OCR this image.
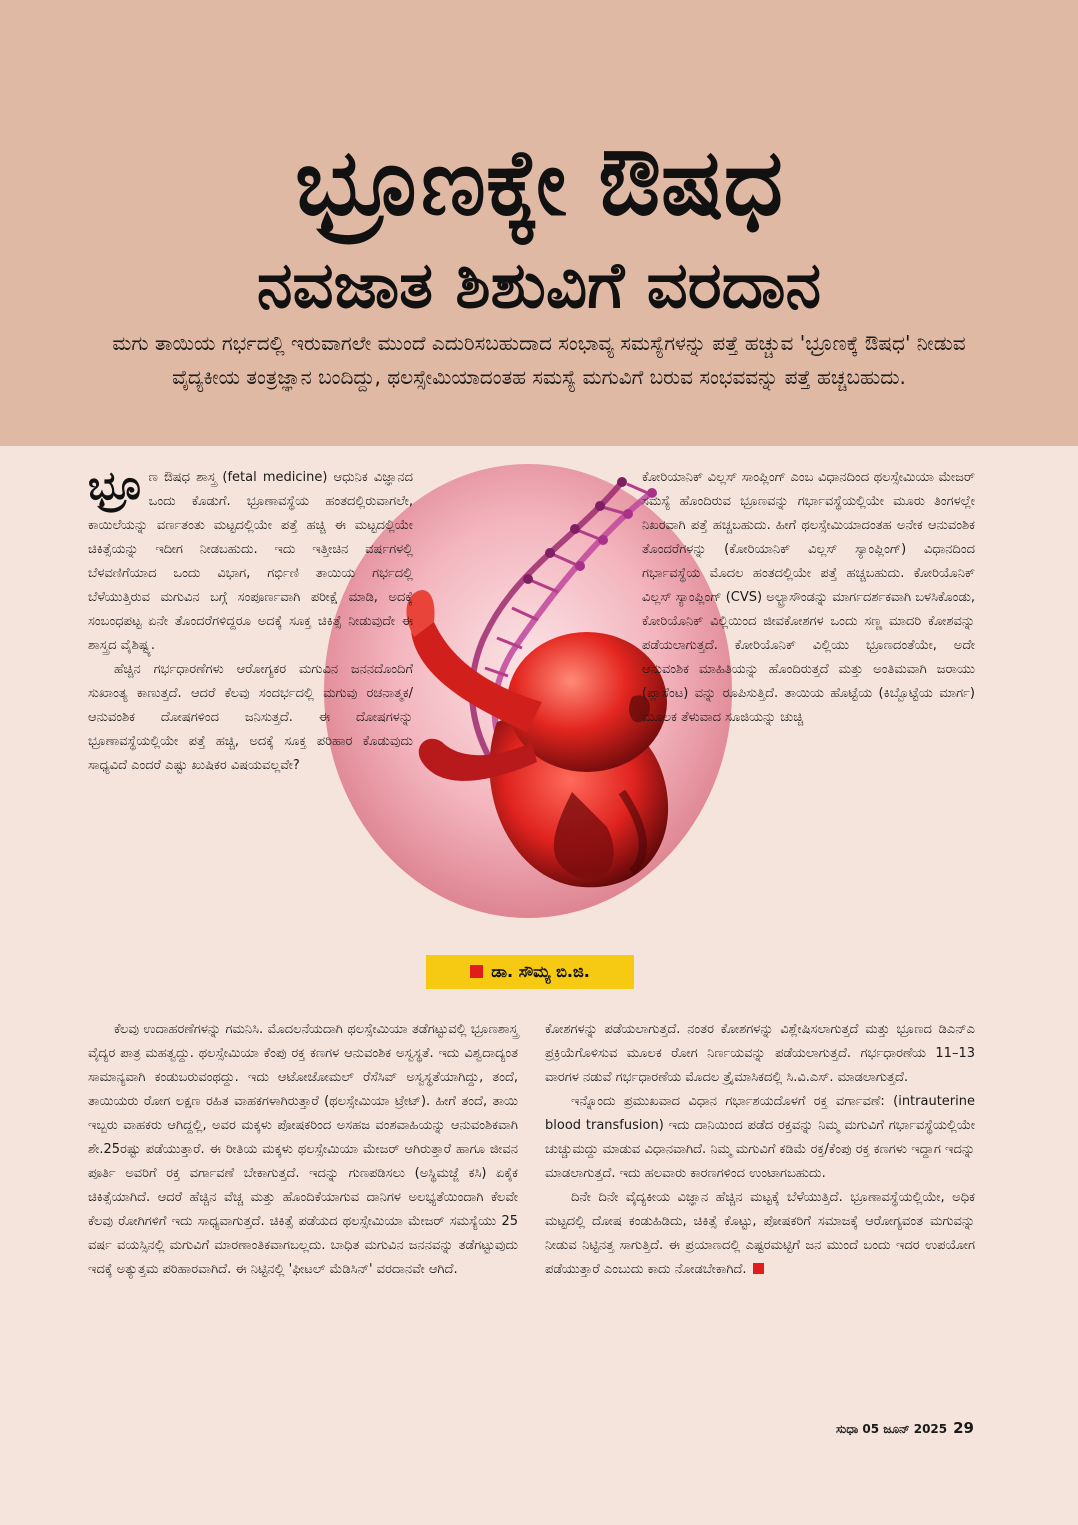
ಭ್ರೂಣಕ್ಕೇ ಔಷಧ
ನವಜಾತ ಶಿಶುವಿಗೆ ವರದಾನ
ಮಗು ತಾಯಿಯ ಗರ್ಭದಲ್ಲಿ ಇರುವಾಗಲೇ ಮುಂದೆ ಎದುರಿಸಬಹುದಾದ ಸಂಭಾವ್ಯ ಸಮಸ್ಯೆಗಳನ್ನು ಪತ್ತೆ ಹಚ್ಚುವ 'ಭ್ರೂಣಕ್ಕೆ ಔಷಧ' ನೀಡುವ ವೈದ್ಯಕೀಯ ತಂತ್ರಜ್ಞಾನ ಬಂದಿದ್ದು, ಥಲಸ್ಸೇಮಿಯಾದಂತಹ ಸಮಸ್ಯೆ ಮಗುವಿಗೆ ಬರುವ ಸಂಭವವನ್ನು ಪತ್ತೆ ಹಚ್ಚಬಹುದು.

ಭ್ರೂ ಣ ಔಷಧ ಶಾಸ್ತ್ರ (fetal medicine) ಆಧುನಿಕ ವಿಜ್ಞಾನದ ಒಂದು ಕೊಡುಗೆ. ಭ್ರೂಣಾವಸ್ಥೆಯ ಹಂತದಲ್ಲಿರುವಾಗಲೇ, ಕಾಯಿಲೆಯನ್ನು ವರ್ಣತಂತು ಮಟ್ಟದಲ್ಲಿಯೇ ಪತ್ತೆ ಹಚ್ಚಿ ಈ ಮಟ್ಟದಲ್ಲಿಯೇ ಚಿಕಿತ್ಸೆಯನ್ನು ಇದೀಗ ನೀಡಬಹುದು. ಇದು ಇತ್ತೀಚಿನ ವರ್ಷಗಳಲ್ಲಿ ಬೆಳವಣಿಗೆಯಾದ ಒಂದು ವಿಭಾಗ, ಗರ್ಭಿಣಿ ತಾಯಿಯ ಗರ್ಭದಲ್ಲಿ ಬೆಳೆಯುತ್ತಿರುವ ಮಗುವಿನ ಬಗ್ಗೆ ಸಂಪೂರ್ಣವಾಗಿ ಪರೀಕ್ಷೆ ಮಾಡಿ, ಅದಕ್ಕೆ ಸಂಬಂಧಪಟ್ಟ ಏನೇ ತೊಂದರೆಗಳಿದ್ದರೂ ಅದಕ್ಕೆ ಸೂಕ್ತ ಚಿಕಿತ್ಸೆ ನೀಡುವುದೇ ಈ ಶಾಸ್ತ್ರದ ವೈಶಿಷ್ಟ್ಯ.

ಹೆಚ್ಚಿನ ಗರ್ಭಧಾರಣೆಗಳು ಆರೋಗ್ಯಕರ ಮಗುವಿನ ಜನನದೊಂದಿಗೆ ಸುಖಾಂತ್ಯ ಕಾಣುತ್ತದೆ. ಆದರೆ ಕೆಲವು ಸಂದರ್ಭದಲ್ಲಿ ಮಗುವು ರಚನಾತ್ಮಕ/ ಆನುವಂಶಿಕ ದೋಷಗಳಿಂದ ಜನಿಸುತ್ತದೆ. ಈ ದೋಷಗಳನ್ನು ಭ್ರೂಣಾವಸ್ಥೆಯಲ್ಲಿಯೇ ಪತ್ತೆ ಹಚ್ಚಿ, ಅದಕ್ಕೆ ಸೂಕ್ತ ಪರಿಹಾರ ಕೊಡುವುದು ಸಾಧ್ಯವಿದೆ ಎಂದರೆ ಎಷ್ಟು ಖುಷಿಕರ ವಿಷಯವಲ್ಲವೇ?

ಕೋರಿಯಾನಿಕ್ ವಿಲ್ಲಸ್ ಸಾಂಪ್ಲಿಂಗ್ ಎಂಬ ವಿಧಾನದಿಂದ ಥಲಸ್ಸೇಮಿಯಾ ಮೇಜರ್ ಸಮಸ್ಯೆ ಹೊಂದಿರುವ ಭ್ರೂಣವನ್ನು ಗರ್ಭಾವಸ್ಥೆಯಲ್ಲಿಯೇ ಮೂರು ತಿಂಗಳಲ್ಲೇ ನಿಖರವಾಗಿ ಪತ್ತೆ ಹಚ್ಚಬಹುದು. ಹೀಗೆ ಥಲಸ್ಸೇಮಿಯಾದಂತಹ ಅನೇಕ ಆನುವಂಶಿಕ ತೊಂದರೆಗಳನ್ನು (ಕೋರಿಯಾನಿಕ್ ವಿಲ್ಲಸ್ ಸ್ಯಾಂಪ್ಲಿಂಗ್) ವಿಧಾನದಿಂದ ಗರ್ಭಾವಸ್ಥೆಯ ಮೊದಲ ಹಂತದಲ್ಲಿಯೇ ಪತ್ತೆ ಹಚ್ಚಬಹುದು. ಕೋರಿಯೊನಿಕ್ ವಿಲ್ಲಸ್ ಸ್ಯಾಂಪ್ಲಿಂಗ್ (CVS) ಅಲ್ಟ್ರಾಸೌಂಡನ್ನು ಮಾರ್ಗದರ್ಶಕವಾಗಿ ಬಳಸಿಕೊಂಡು, ಕೋರಿಯೊನಿಕ್ ವಿಲ್ಲಿಯಿಂದ ಜೀವಕೋಶಗಳ ಒಂದು ಸಣ್ಣ ಮಾದರಿ ಕೋಶವನ್ನು ಪಡೆಯಲಾಗುತ್ತದೆ. ಕೋರಿಯೊನಿಕ್ ವಿಲ್ಲಿಯು ಭ್ರೂಣದಂತೆಯೇ, ಅದೇ ಆನುವಂಶಿಕ ಮಾಹಿತಿಯನ್ನು ಹೊಂದಿರುತ್ತದೆ ಮತ್ತು ಅಂತಿಮವಾಗಿ ಜರಾಯು (ಪ್ಲಾಸೆಂಟ) ವನ್ನು ರೂಪಿಸುತ್ತಿದೆ. ತಾಯಿಯ ಹೊಟ್ಟೆಯ (ಕಿಬ್ಬೊಟ್ಟೆಯ ಮಾರ್ಗ) ಮೂಲಕ ತೆಳುವಾದ ಸೂಜಿಯನ್ನು ಚುಚ್ಚಿ

ಡಾ. ಸೌಮ್ಯ ಬಿ.ಜಿ.

ಕೆಲವು ಉದಾಹರಣೆಗಳನ್ನು ಗಮನಿಸಿ. ಮೊದಲನೆಯದಾಗಿ ಥಲಸ್ಸೇಮಿಯಾ ತಡೆಗಟ್ಟುವಲ್ಲಿ ಭ್ರೂಣಶಾಸ್ತ್ರ ವೈದ್ಯರ ಪಾತ್ರ ಮಹತ್ವದ್ದು. ಥಲಸ್ಸೇಮಿಯಾ ಕೆಂಪು ರಕ್ತ ಕಣಗಳ ಆನುವಂಶಿಕ ಅಸ್ವಸ್ಥತೆ. ಇದು ವಿಶ್ವದಾದ್ಯಂತ ಸಾಮಾನ್ಯವಾಗಿ ಕಂಡುಬರುವಂಥದ್ದು. ಇದು ಆಟೋಜೋಮಲ್ ರೆಸೆಸಿವ್ ಅಸ್ವಸ್ಥತೆಯಾಗಿದ್ದು, ತಂದೆ, ತಾಯಿಯರು ರೋಗ ಲಕ್ಷಣ ರಹಿತ ವಾಹಕಗಳಾಗಿರುತ್ತಾರೆ (ಥಲಸ್ಸೇಮಿಯಾ ಟ್ರೇಟ್). ಹೀಗೆ ತಂದೆ, ತಾಯಿ ಇಬ್ಬರು ವಾಹಕರು ಆಗಿದ್ದಲ್ಲಿ, ಅವರ ಮಕ್ಕಳು ಪೋಷಕರಿಂದ ಅಸಹಜ ವಂಶವಾಹಿಯನ್ನು ಆನುವಂಶಿಕವಾಗಿ ಶೇ.25ರಷ್ಟು ಪಡೆಯುತ್ತಾರೆ. ಈ ರೀತಿಯ ಮಕ್ಕಳು ಥಲಸ್ಸೇಮಿಯಾ ಮೇಜರ್ ಆಗಿರುತ್ತಾರೆ ಹಾಗೂ ಜೀವನ ಪೂರ್ತಿ ಅವರಿಗೆ ರಕ್ತ ವರ್ಗಾವಣೆ ಬೇಕಾಗುತ್ತದೆ. ಇದನ್ನು ಗುಣಪಡಿಸಲು (ಅಸ್ಥಿಮಜ್ಜೆ ಕಸಿ) ಏಕೈಕ ಚಿಕಿತ್ಸೆಯಾಗಿದೆ. ಆದರೆ ಹೆಚ್ಚಿನ ವೆಚ್ಚ ಮತ್ತು ಹೊಂದಿಕೆಯಾಗುವ ದಾನಿಗಳ ಅಲಭ್ಯತೆಯಿಂದಾಗಿ ಕೆಲವೇ ಕೆಲವು ರೋಗಿಗಳಿಗೆ ಇದು ಸಾಧ್ಯವಾಗುತ್ತದೆ. ಚಿಕಿತ್ಸೆ ಪಡೆಯದ ಥಲಸ್ಸೇಮಿಯಾ ಮೇಜರ್ ಸಮಸ್ಯೆಯು 25 ವರ್ಷ ವಯಸ್ಸಿನಲ್ಲಿ ಮಗುವಿಗೆ ಮಾರಣಾಂತಿಕವಾಗಬಲ್ಲದು. ಬಾಧಿತ ಮಗುವಿನ ಜನನವನ್ನು ತಡೆಗಟ್ಟುವುದು ಇದಕ್ಕೆ ಅತ್ಯುತ್ತಮ ಪರಿಹಾರವಾಗಿದೆ. ಈ ನಿಟ್ಟಿನಲ್ಲಿ 'ಫೀಟಲ್ ಮೆಡಿಸಿನ್' ವರದಾನವೇ ಆಗಿದೆ.

ಕೋಶಗಳನ್ನು ಪಡೆಯಲಾಗುತ್ತದೆ. ನಂತರ ಕೋಶಗಳನ್ನು ವಿಶ್ಲೇಷಿಸಲಾಗುತ್ತದೆ ಮತ್ತು ಭ್ರೂಣದ ಡಿಎನ್ಎ ಪ್ರಕ್ರಿಯೆಗೊಳಿಸುವ ಮೂಲಕ ರೋಗ ನಿರ್ಣಯವನ್ನು ಪಡೆಯಲಾಗುತ್ತದೆ. ಗರ್ಭಧಾರಣೆಯ 11–13 ವಾರಗಳ ನಡುವೆ ಗರ್ಭಧಾರಣೆಯ ಮೊದಲ ತ್ರೈಮಾಸಿಕದಲ್ಲಿ ಸಿ.ವಿ.ಎಸ್. ಮಾಡಲಾಗುತ್ತದೆ.

ಇನ್ನೊಂದು ಪ್ರಮುಖವಾದ ವಿಧಾನ ಗರ್ಭಾಶಯದೊಳಗೆ ರಕ್ತ ವರ್ಗಾವಣೆ: (intrauterine blood transfusion) ಇದು ದಾನಿಯಿಂದ ಪಡೆದ ರಕ್ತವನ್ನು ನಿಮ್ಮ ಮಗುವಿಗೆ ಗರ್ಭಾವಸ್ಥೆಯಲ್ಲಿಯೇ ಚುಚ್ಚುಮದ್ದು ಮಾಡುವ ವಿಧಾನವಾಗಿದೆ. ನಿಮ್ಮ ಮಗುವಿಗೆ ಕಡಿಮೆ ರಕ್ತ/ಕೆಂಪು ರಕ್ತ ಕಣಗಳು ಇದ್ದಾಗ ಇದನ್ನು ಮಾಡಲಾಗುತ್ತದೆ. ಇದು ಹಲವಾರು ಕಾರಣಗಳಿಂದ ಉಂಟಾಗಬಹುದು.

ದಿನೇ ದಿನೇ ವೈದ್ಯಕೀಯ ವಿಜ್ಞಾನ ಹೆಚ್ಚಿನ ಮಟ್ಟಕ್ಕೆ ಬೆಳೆಯುತ್ತಿದೆ. ಭ್ರೂಣಾವಸ್ಥೆಯಲ್ಲಿಯೇ, ಅಧಿಕ ಮಟ್ಟದಲ್ಲಿ ದೋಷ ಕಂಡುಹಿಡಿದು, ಚಿಕಿತ್ಸೆ ಕೊಟ್ಟು, ಪೋಷಕರಿಗೆ ಸಮಾಜಕ್ಕೆ ಆರೋಗ್ಯವಂತ ಮಗುವನ್ನು ನೀಡುವ ನಿಟ್ಟಿನತ್ತ ಸಾಗುತ್ತಿದೆ. ಈ ಪ್ರಯಾಣದಲ್ಲಿ ಎಷ್ಟರಮಟ್ಟಿಗೆ ಜನ ಮುಂದೆ ಬಂದು ಇದರ ಉಪಯೋಗ ಪಡೆಯುತ್ತಾರೆ ಎಂಬುದು ಕಾದು ನೋಡಬೇಕಾಗಿದೆ.

ಸುಧಾ 05 ಜೂನ್ 2025 29
